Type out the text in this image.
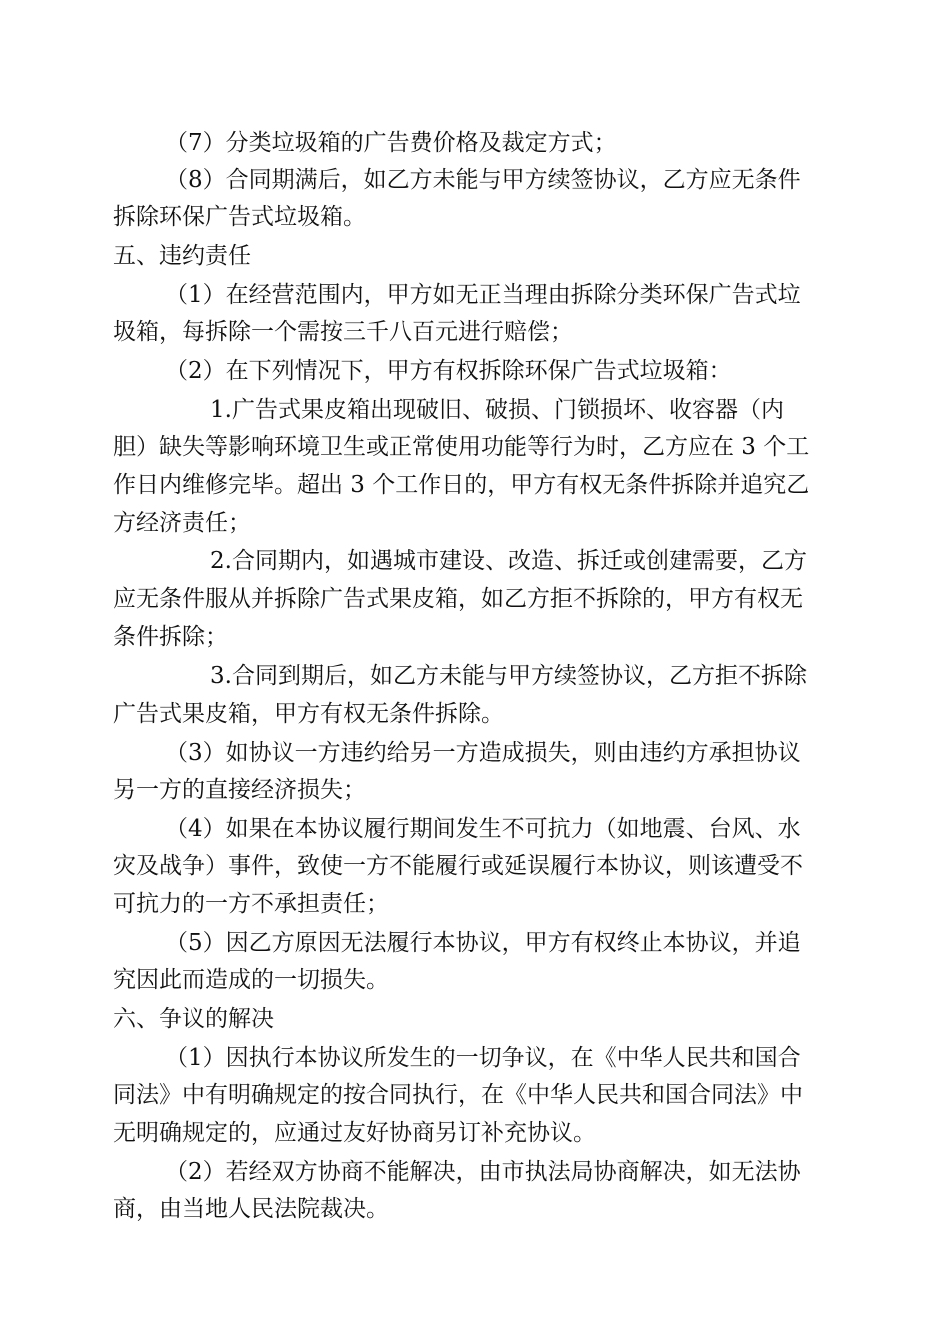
（7）分类垃圾箱的广告费价格及裁定方式；
（8）合同期满后，如乙方未能与甲方续签协议，乙方应无条件
拆除环保广告式垃圾箱。
五、违约责任
（1）在经营范围内，甲方如无正当理由拆除分类环保广告式垃
圾箱，每拆除一个需按三千八百元进行赔偿；
（2）在下列情况下，甲方有权拆除环保广告式垃圾箱：
1.广告式果皮箱出现破旧、破损、门锁损坏、收容器（内
胆）缺失等影响环境卫生或正常使用功能等行为时，乙方应在 3 个工
作日内维修完毕。超出 3 个工作日的，甲方有权无条件拆除并追究乙
方经济责任；
2.合同期内，如遇城市建设、改造、拆迁或创建需要，乙方
应无条件服从并拆除广告式果皮箱，如乙方拒不拆除的，甲方有权无
条件拆除；
3.合同到期后，如乙方未能与甲方续签协议，乙方拒不拆除
广告式果皮箱，甲方有权无条件拆除。
（3）如协议一方违约给另一方造成损失，则由违约方承担协议
另一方的直接经济损失；
（4）如果在本协议履行期间发生不可抗力（如地震、台风、水
灾及战争）事件，致使一方不能履行或延误履行本协议，则该遭受不
可抗力的一方不承担责任；
（5）因乙方原因无法履行本协议，甲方有权终止本协议，并追
究因此而造成的一切损失。
六、争议的解决
（1）因执行本协议所发生的一切争议，在《中华人民共和国合
同法》中有明确规定的按合同执行，在《中华人民共和国合同法》中
无明确规定的，应通过友好协商另订补充协议。
（2）若经双方协商不能解决，由市执法局协商解决，如无法协
商，由当地人民法院裁决。
